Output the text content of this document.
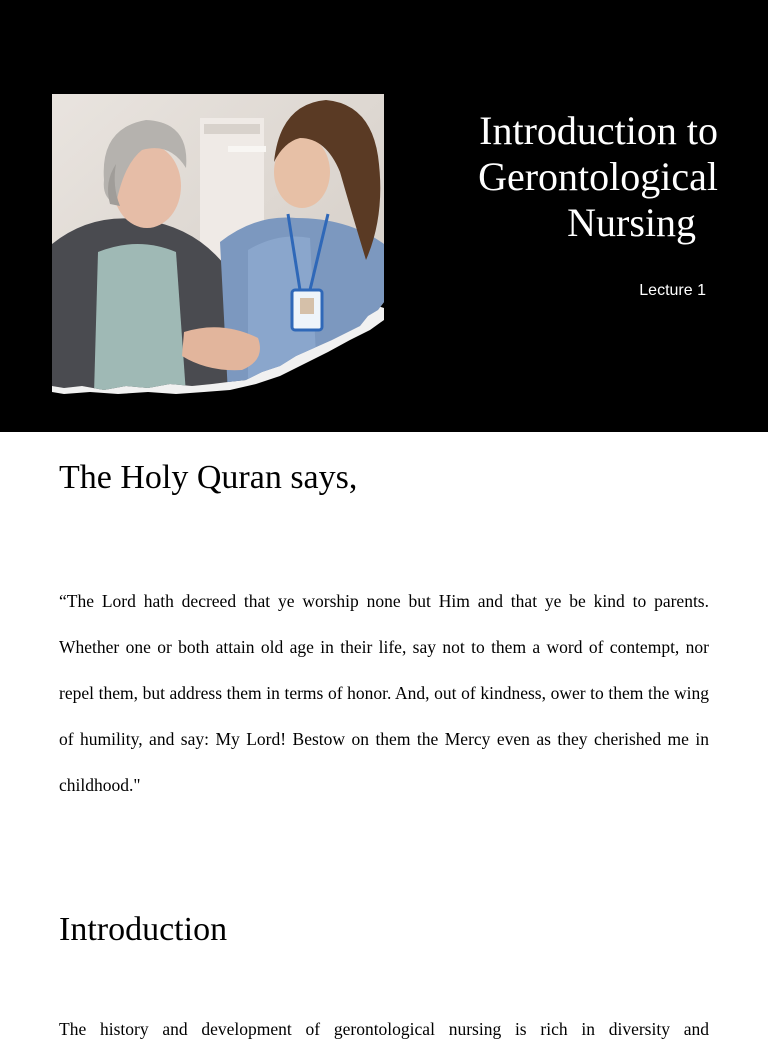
Introduction to
Gerontological
Nursing

Lecture 1

The Holy Quran says,

“The Lord hath decreed that ye worship none but Him and that ye be kind to parents. Whether one or both attain old age in their life, say not to them a word of contempt, nor repel them, but address them in terms of honor. And, out of kindness, ower to them the wing of humility, and say: My Lord! Bestow on them the Mercy even as they cherished me in childhood."

Introduction

The history and development of gerontological nursing is rich in diversity and
